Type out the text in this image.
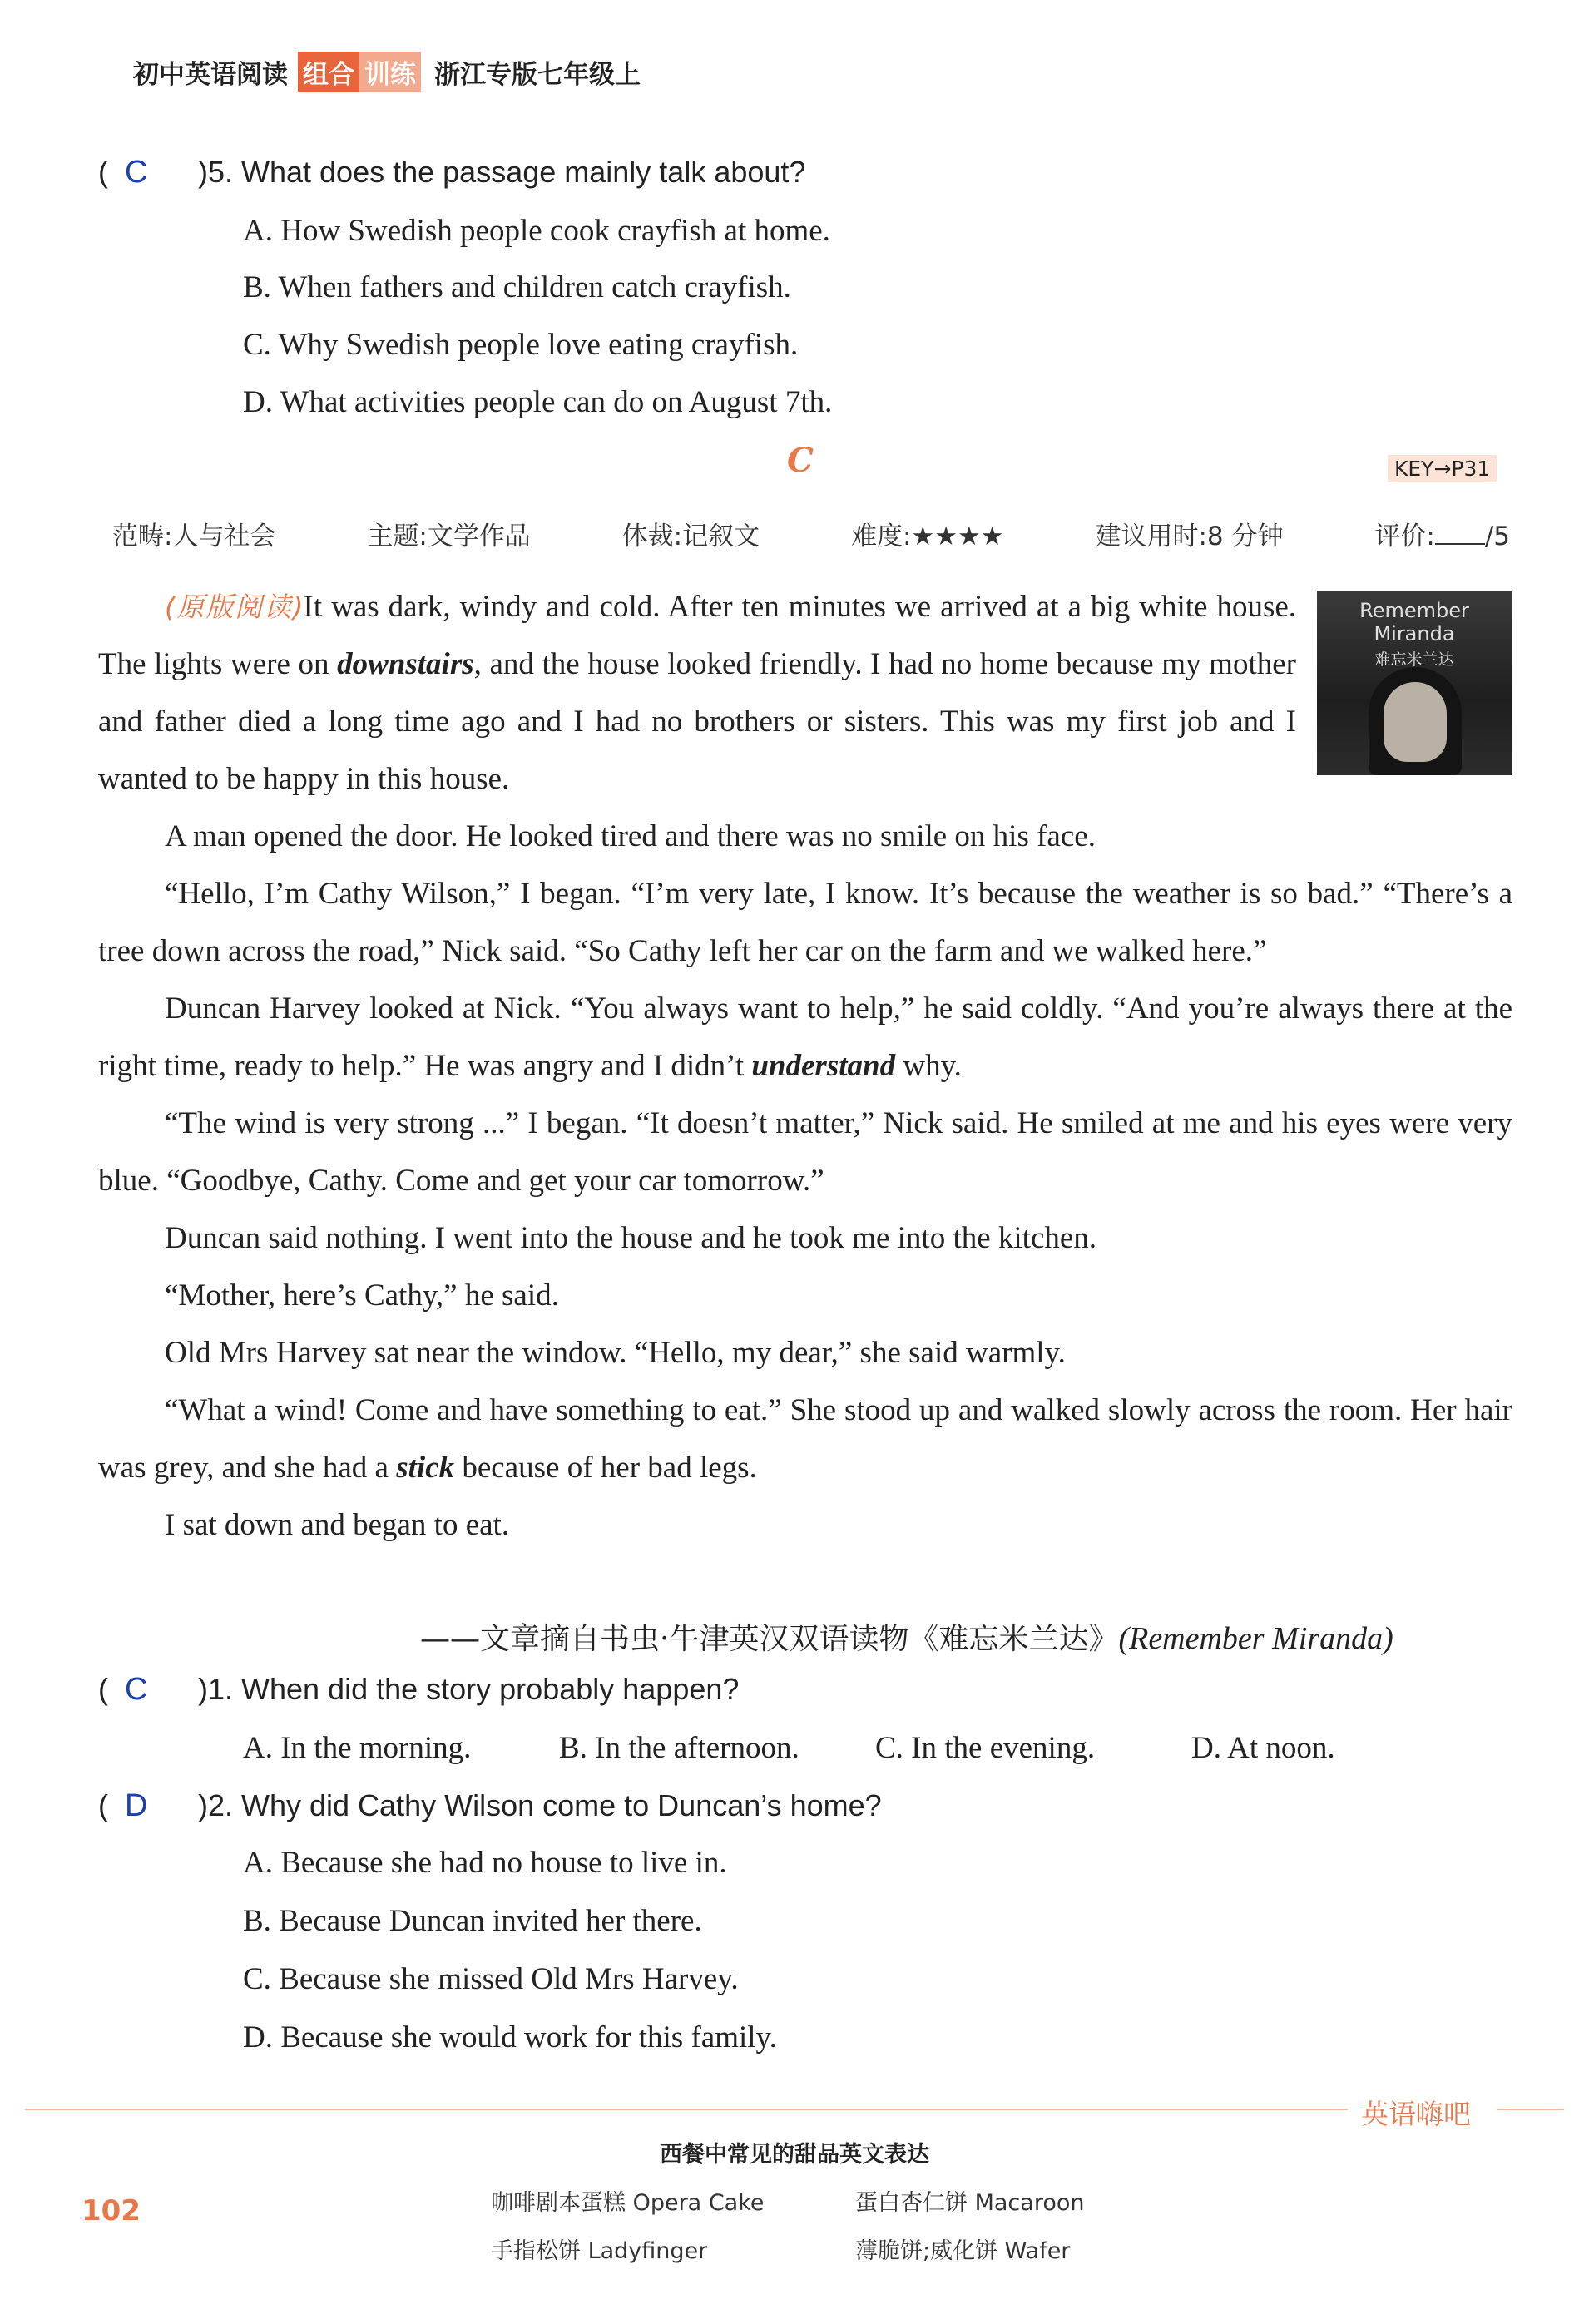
初中英语阅读 组合 训练 浙江专版七年级上
(  C )5. What does the passage mainly talk about?
A. How Swedish people cook crayfish at home.
B. When fathers and children catch crayfish.
C. Why Swedish people love eating crayfish.
D. What activities people can do on August 7th.
C	KEY→P31
范畴:人与社会	主题:文学作品	体裁:记叙文	难度:★★★★	建议用时:8 分钟	评价: /5
Remember Miranda
难忘米兰达

(原版阅读)It was dark, windy and cold. After ten minutes we arrived at a big white house. The lights were on downstairs, and the house looked friendly. I had no home because my mother and father died a long time ago and I had no brothers or sisters. This was my first job and I wanted to be happy in this house.

A man opened the door. He looked tired and there was no smile on his face.

“Hello, I’m Cathy Wilson,” I began. “I’m very late, I know. It’s because the weather is so bad.” “There’s a tree down across the road,” Nick said. “So Cathy left her car on the farm and we walked here.”

Duncan Harvey looked at Nick. “You always want to help,” he said coldly. “And you’re always there at the right time, ready to help.” He was angry and I didn’t understand why.

“The wind is very strong ...” I began. “It doesn’t matter,” Nick said. He smiled at me and his eyes were very blue. “Goodbye, Cathy. Come and get your car tomorrow.”

Duncan said nothing. I went into the house and he took me into the kitchen.

“Mother, here’s Cathy,” he said.

Old Mrs Harvey sat near the window. “Hello, my dear,” she said warmly.

“What a wind! Come and have something to eat.” She stood up and walked slowly across the room. Her hair was grey, and she had a stick because of her bad legs.

I sat down and began to eat.

——文章摘自书虫·牛津英汉双语读物《难忘米兰达》(Remember Miranda)
(  C )1. When did the story probably happen?
A. In the morning.	B. In the afternoon. C. In the evening.	D. At noon.
(  D )2. Why did Cathy Wilson come to Duncan’s home?
A. Because she had no house to live in.
B. Because Duncan invited her there.
C. Because she missed Old Mrs Harvey.
D. Because she would work for this family.
英语嗨吧
西餐中常见的甜品英文表达
咖啡剧本蛋糕 Opera Cake	蛋白杏仁饼 Macaroon
手指松饼 Ladyfinger	薄脆饼;威化饼 Wafer
102
